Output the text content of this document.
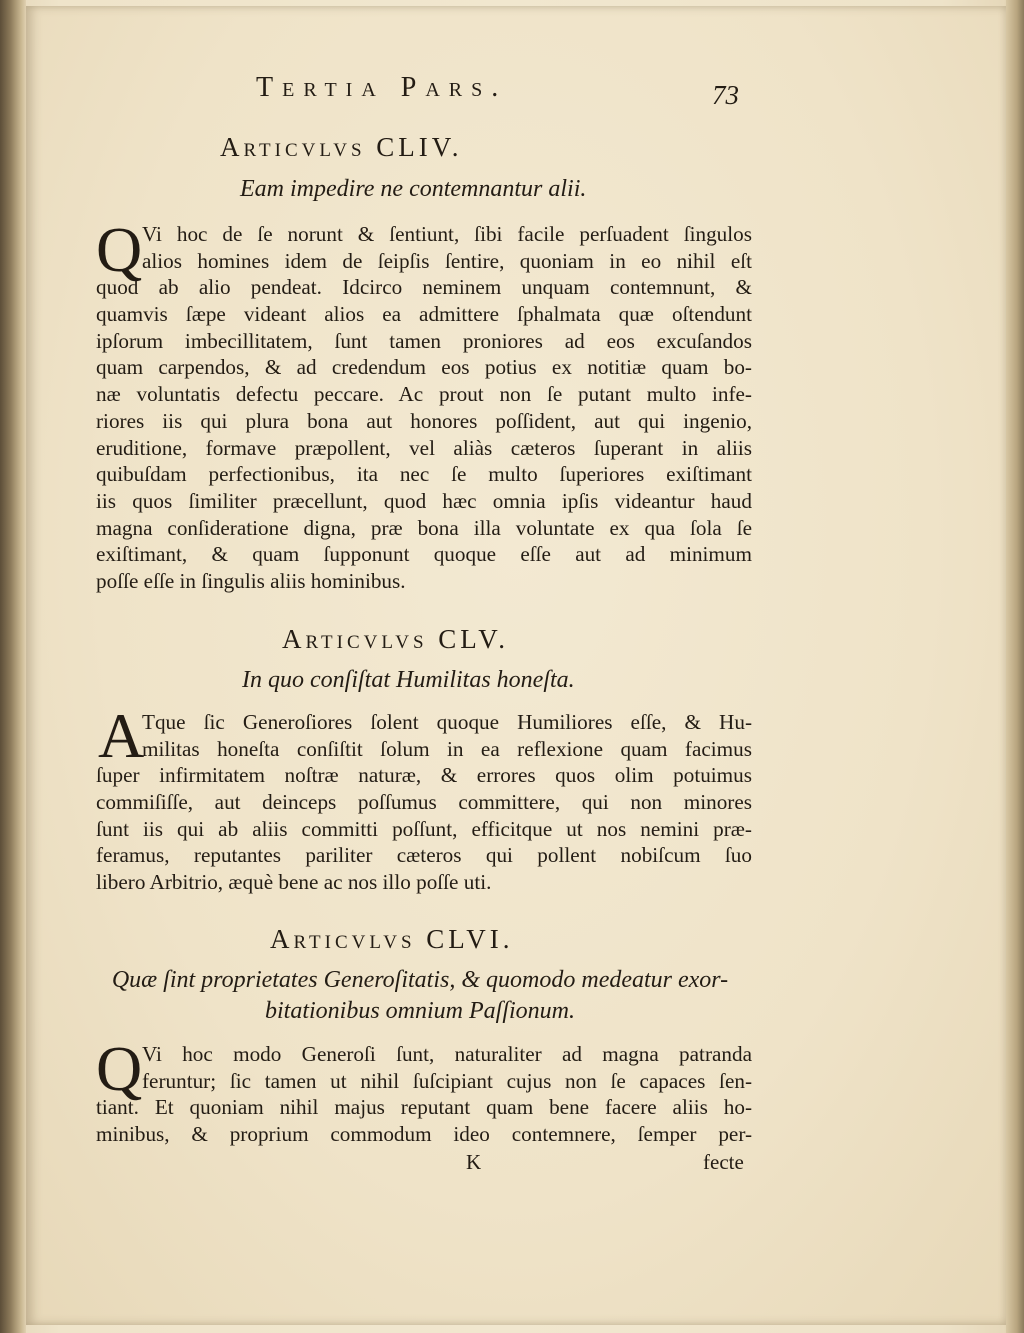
Tertia Pars.	73
Articvlvs CLIV.
Eam impedire ne contemnantur alii.
Q Vi hoc de ſe norunt & ſentiunt, ſibi facile perſuadent ſingulos
alios homines idem de ſeipſis ſentire, quoniam in eo nihil eſt
quod ab alio pendeat. Idcirco neminem unquam contemnunt, &
quamvis ſæpe videant alios ea admittere ſphalmata quæ oſtendunt
ipſorum imbecillitatem, ſunt tamen proniores ad eos excuſandos
quam carpendos, & ad credendum eos potius ex notitiæ quam bo-
næ voluntatis defectu peccare. Ac prout non ſe putant multo infe-
riores iis qui plura bona aut honores poſſident, aut qui ingenio,
eruditione, formave præpollent, vel aliàs cæteros ſuperant in aliis
quibuſdam perfectionibus, ita nec ſe multo ſuperiores exiſtimant
iis quos ſimiliter præcellunt, quod hæc omnia ipſis videantur haud
magna conſideratione digna, præ bona illa voluntate ex qua ſola ſe
exiſtimant, & quam ſupponunt quoque eſſe aut ad minimum
poſſe eſſe in ſingulis aliis hominibus.
Articvlvs CLV.
In quo conſiſtat Humilitas honeſta.
A
Tque ſic Generoſiores ſolent quoque Humiliores eſſe, & Hu-
militas honeſta conſiſtit ſolum in ea reflexione quam facimus
ſuper infirmitatem noſtræ naturæ, & errores quos olim potuimus
commiſiſſe, aut deinceps poſſumus committere, qui non minores
ſunt iis qui ab aliis committi poſſunt, efficitque ut nos nemini præ-
feramus, reputantes pariliter cæteros qui pollent nobiſcum ſuo
libero Arbitrio, æquè bene ac nos illo poſſe uti.
Articvlvs CLVI.
Quæ ſint proprietates Generoſitatis, & quomodo medeatur exor-
bitationibus omnium Paſſionum.
Q Vi hoc modo Generoſi ſunt, naturaliter ad magna patranda
feruntur; ſic tamen ut nihil ſuſcipiant cujus non ſe capaces ſen-
tiant. Et quoniam nihil majus reputant quam bene facere aliis ho-
minibus, & proprium commodum ideo contemnere, ſemper per-
K	fecte
